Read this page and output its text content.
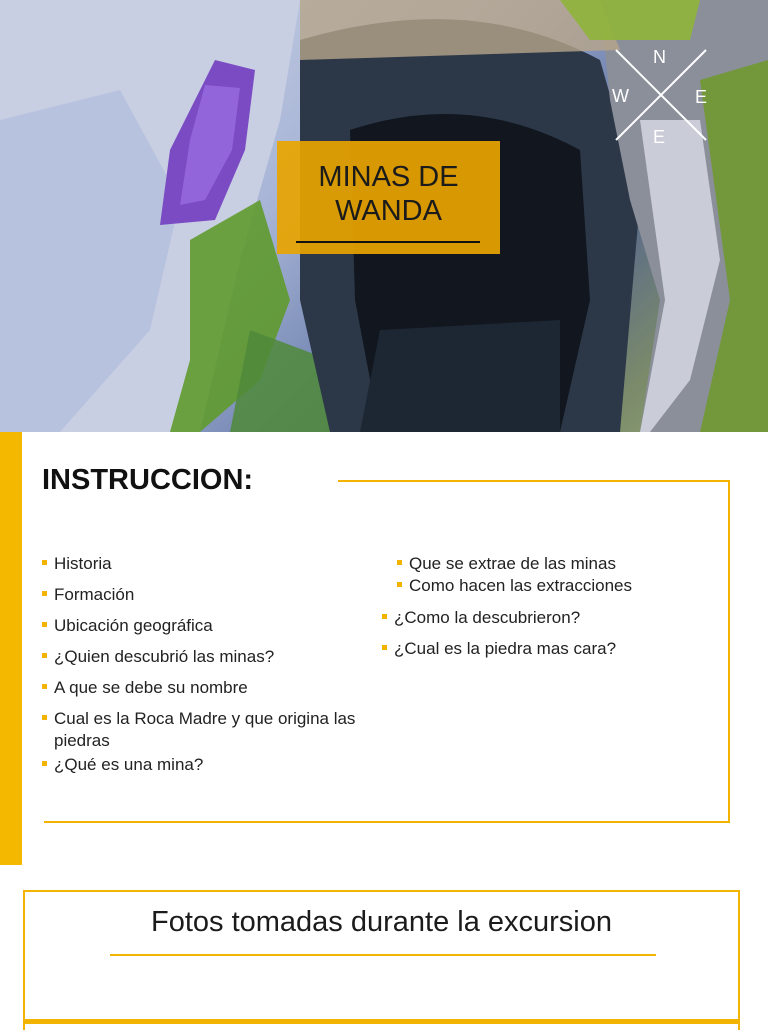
MINAS DE
WANDA
N
W	E
E
INSTRUCCION:
Historia
Formación
Ubicación geográfica
¿Quien descubrió las minas?
A que se debe su nombre
Cual es la Roca Madre y que origina las piedras
¿Qué es una mina?
Que se extrae de las minas
Como hacen las extracciones
¿Como la descubrieron?
¿Cual es la piedra mas cara?
Fotos tomadas durante la excursion
